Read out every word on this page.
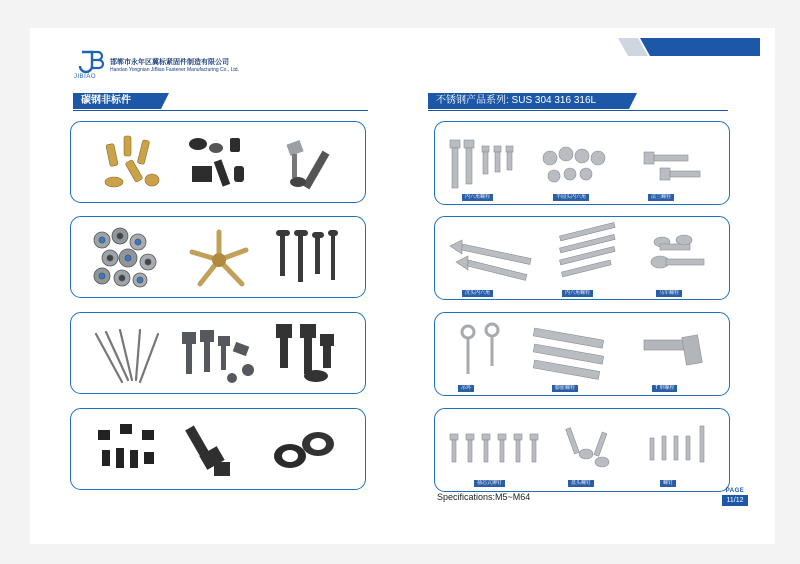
JIBIAO
邯郸市永年区冀标紧固件制造有限公司
Handan Yongnian JiBiao Fastener Manufacturing Co., Ltd.
碳钢非标件	不锈钢产品系列: SUS 304 316 316L
内六角螺栓	半圆头内六角	法兰螺栓
沉头内六角	内六角螺栓	马车螺栓
吊环	膨胀螺栓	T 形螺栓
抽芯式铆钉	盘头螺钉	螺钉
Specifications:M5~M64
PAGE
11/12
